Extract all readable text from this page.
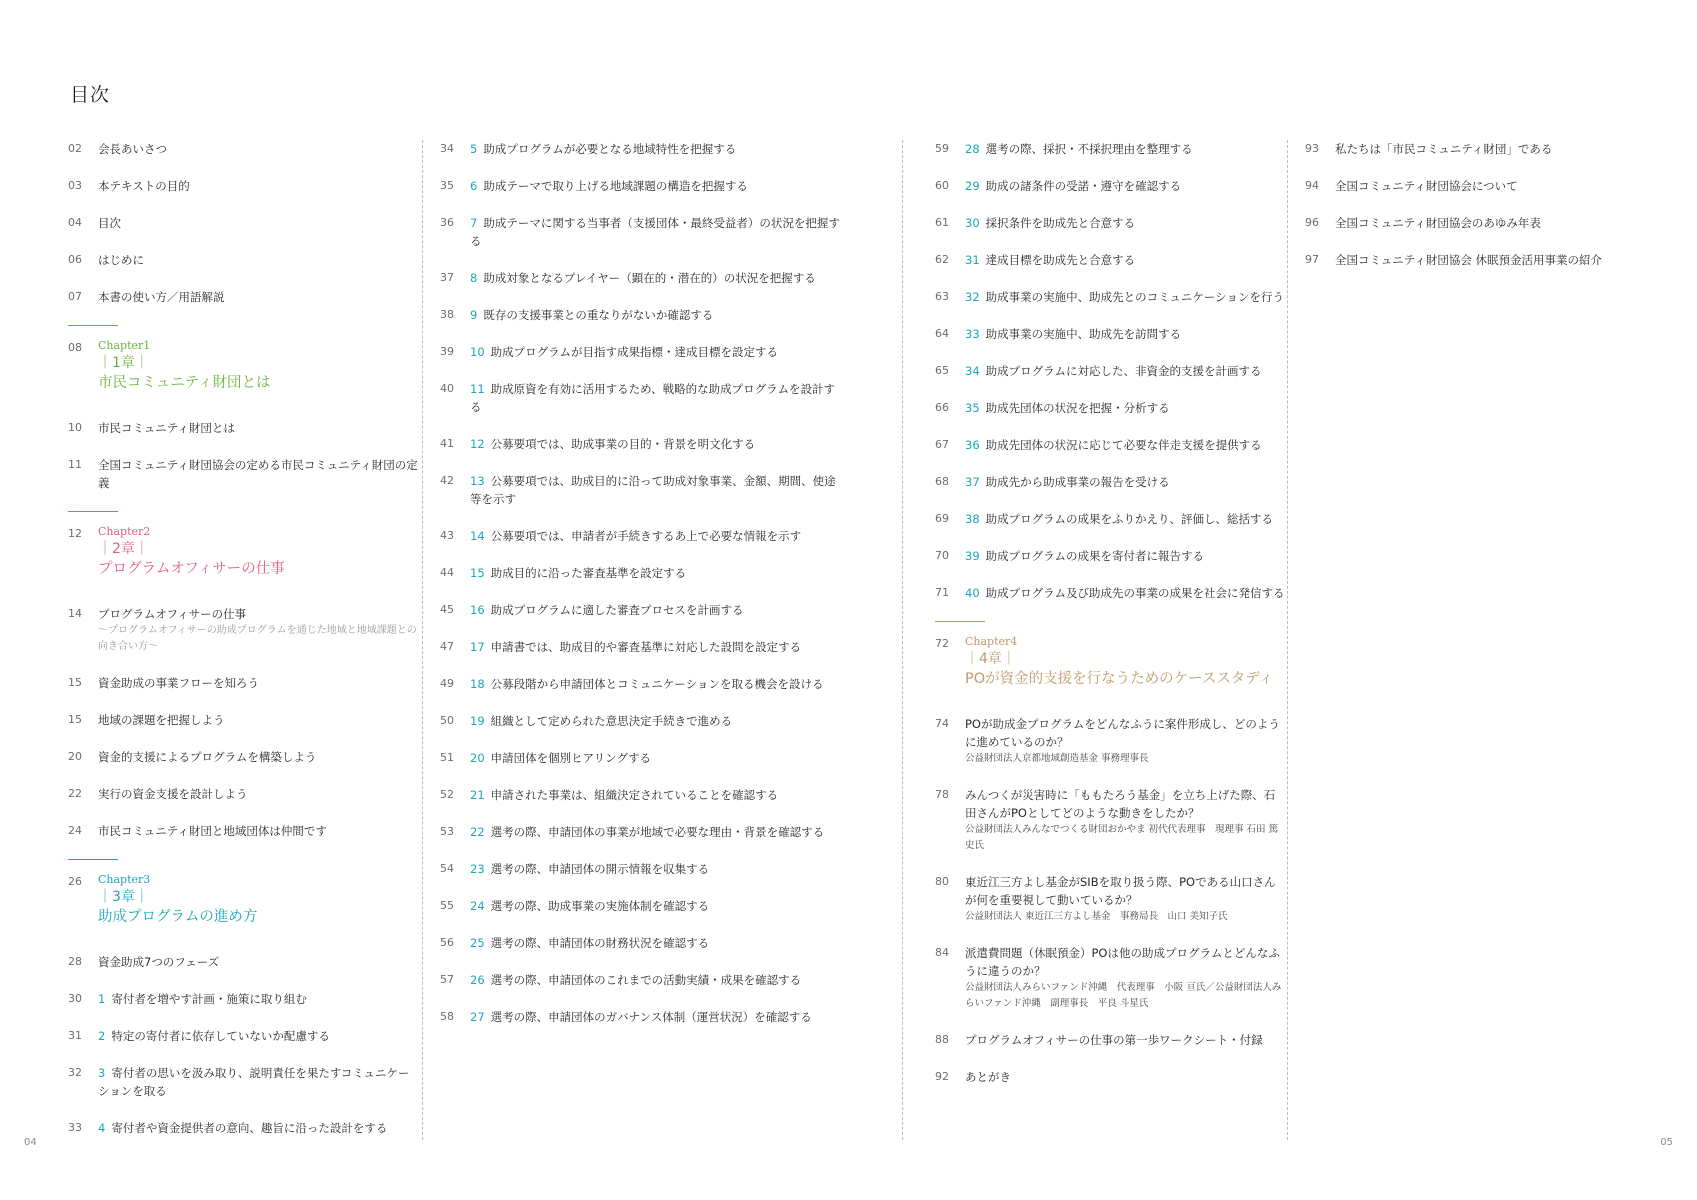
目次
02	会長あいさつ
03	本テキストの目的
04	目次
06	はじめに
07	本書の使い方／用語解説
08	Chapter1
｜1章｜
市民コミュニティ財団とは
10	市民コミュニティ財団とは
11	全国コミュニティ財団協会の定める市民コミュニティ財団の定義
12	Chapter2
｜2章｜
プログラムオフィサーの仕事
14	プログラムオフィサーの仕事
〜プログラムオフィサーの助成プログラムを通じた地域と地域課題との向き合い方〜
15	資金助成の事業フローを知ろう
15	地域の課題を把握しよう
20	資金的支援によるプログラムを構築しよう
22	実行の資金支援を設計しよう
24	市民コミュニティ財団と地域団体は仲間です
26	Chapter3
｜3章｜
助成プログラムの進め方
28	資金助成7つのフェーズ
30	1 寄付者を増やす計画・施策に取り組む
31	2 特定の寄付者に依存していないか配慮する
32	3 寄付者の思いを汲み取り、説明責任を果たすコミュニケーションを取る
33	4 寄付者や資金提供者の意向、趣旨に沿った設計をする
34	5 助成プログラムが必要となる地域特性を把握する
35	6 助成テーマで取り上げる地域課題の構造を把握する
36	7 助成テーマに関する当事者（支援団体・最終受益者）の状況を把握する
37	8 助成対象となるプレイヤー（顕在的・潜在的）の状況を把握する
38	9 既存の支援事業との重なりがないか確認する
39	10 助成プログラムが目指す成果指標・達成目標を設定する
40	11 助成原資を有効に活用するため、戦略的な助成プログラムを設計する
41	12 公募要項では、助成事業の目的・背景を明文化する
42	13 公募要項では、助成目的に沿って助成対象事業、金額、期間、使途等を示す
43	14 公募要項では、申請者が手続きするあ上で必要な情報を示す
44	15 助成目的に沿った審査基準を設定する
45	16 助成プログラムに適した審査プロセスを計画する
47	17 申請書では、助成目的や審査基準に対応した設問を設定する
49	18 公募段階から申請団体とコミュニケーションを取る機会を設ける
50	19 組織として定められた意思決定手続きで進める
51	20 申請団体を個別ヒアリングする
52	21 申請された事業は、組織決定されていることを確認する
53	22 選考の際、申請団体の事業が地域で必要な理由・背景を確認する
54	23 選考の際、申請団体の開示情報を収集する
55	24 選考の際、助成事業の実施体制を確認する
56	25 選考の際、申請団体の財務状況を確認する
57	26 選考の際、申請団体のこれまでの活動実績・成果を確認する
58	27 選考の際、申請団体のガバナンス体制（運営状況）を確認する
59	28 選考の際、採択・不採択理由を整理する
60	29 助成の諸条件の受諾・遵守を確認する
61	30 採択条件を助成先と合意する
62	31 達成目標を助成先と合意する
63	32 助成事業の実施中、助成先とのコミュニケーションを行う
64	33 助成事業の実施中、助成先を訪問する
65	34 助成プログラムに対応した、非資金的支援を計画する
66	35 助成先団体の状況を把握・分析する
67	36 助成先団体の状況に応じて必要な伴走支援を提供する
68	37 助成先から助成事業の報告を受ける
69	38 助成プログラムの成果をふりかえり、評価し、総括する
70	39 助成プログラムの成果を寄付者に報告する
71	40 助成プログラム及び助成先の事業の成果を社会に発信する
72	Chapter4
｜4章｜
POが資金的支援を行なうためのケーススタディ
74	POが助成金プログラムをどんなふうに案件形成し、どのように進めているのか？
公益財団法人京都地域創造基金 事務理事長
78	みんつくが災害時に「ももたろう基金」を立ち上げた際、石田さんがPOとしてどのような動きをしたか？
公益財団法人みんなでつくる財団おかやま 初代代表理事　現理事 石田 篤史氏
80	東近江三方よし基金がSIBを取り扱う際、POである山口さんが何を重要視して動いているか？
公益財団法人 東近江三方よし基金　事務局長　山口 美知子氏
84	派遣費問題（休眠預金）POは他の助成プログラムとどんなふうに違うのか？
公益財団法人みらいファンド沖縄　代表理事　小阪 亘氏／公益財団法人みらいファンド沖縄　副理事長　平良 斗星氏
88	プログラムオフィサーの仕事の第一歩ワークシート・付録
92	あとがき
93	私たちは「市民コミュニティ財団」である
94	全国コミュニティ財団協会について
96	全国コミュニティ財団協会のあゆみ年表
97	全国コミュニティ財団協会 休眠預金活用事業の紹介
04	05
